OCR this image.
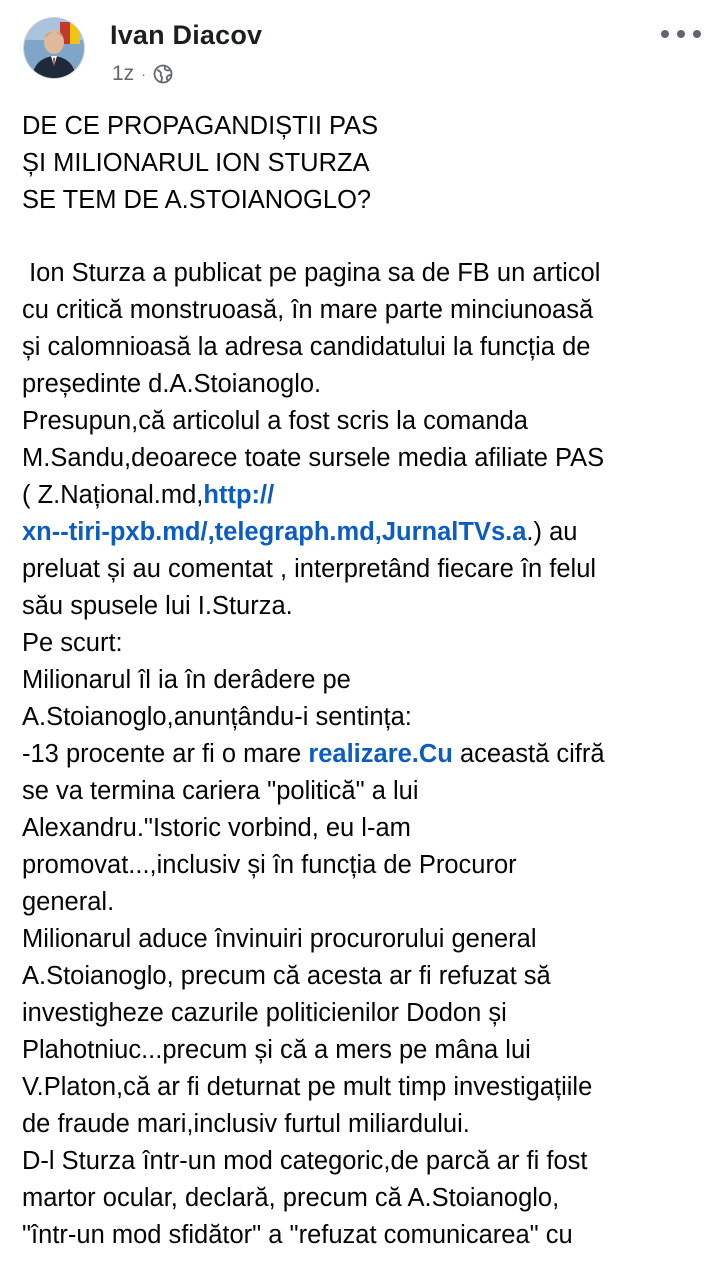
Ivan Diacov
1z ·
DE CE PROPAGANDIȘTII PAS
ȘI MILIONARUL ION STURZA
SE TEM DE A.STOIANOGLO?
Ion Sturza a publicat pe pagina sa de FB un articol
cu critică monstruoasă, în mare parte minciunoasă
și calomnioasă la adresa candidatului la funcția de
președinte d.A.Stoianoglo.
Presupun,că articolul a fost scris la comanda
M.Sandu,deoarece toate sursele media afiliate PAS
( Z.Național.md,http://
xn--tiri-pxb.md/,telegraph.md,JurnalTVs.a.) au
preluat și au comentat , interpretând fiecare în felul
său spusele lui I.Sturza.
Pe scurt:
Milionarul îl ia în derâdere pe
A.Stoianoglo,anunțându-i sentința:
-13 procente ar fi o mare realizare.Cu această cifră
se va termina cariera "politică" a lui
Alexandru."Istoric vorbind, eu l-am
promovat...,inclusiv și în funcția de Procuror
general.
Milionarul aduce învinuiri procurorului general
A.Stoianoglo, precum că acesta ar fi refuzat să
investigheze cazurile politicienilor Dodon și
Plahotniuc...precum și că a mers pe mâna lui
V.Platon,că ar fi deturnat pe mult timp investigațiile
de fraude mari,inclusiv furtul miliardului.
D-l Sturza într-un mod categoric,de parcă ar fi fost
martor ocular, declară, precum că A.Stoianoglo,
"într-un mod sfidător" a "refuzat comunicarea" cu
